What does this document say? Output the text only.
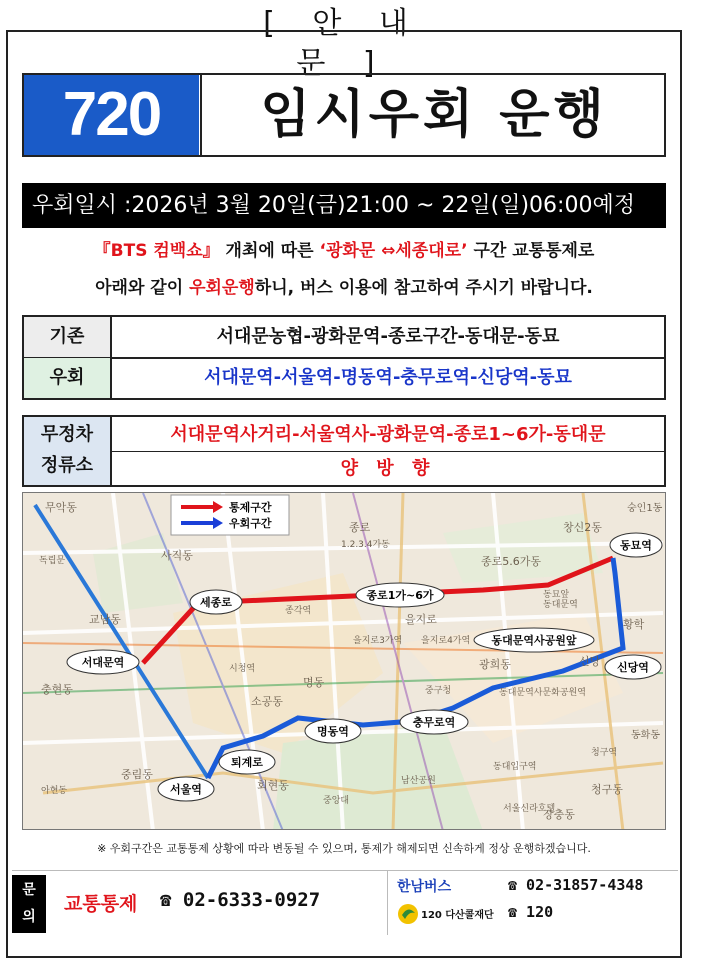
[ 안 내 문 ]
720	임시우회 운행
우회일시 :2026년 3월 20일(금)21:00 ~ 22일(일)06:00예정
『BTS 컴백쇼』 개최에 따른 ‘광화문 ⇔세종대로’ 구간 교통통제로
아래와 같이 우회운행하니, 버스 이용에 참고하여 주시기 바랍니다.
기존	서대문농협-광화문역-종로구간-동대문-동묘
우회	서대문역-서울역-명동역-충무로역-신당역-동묘
무정차
정류소
서대문역사거리-서울역사-광화문역-종로1~6가-동대문
양 방 향
통제구간
우회구간
무악동
사직동
교남동
독립문
창신2동
종로5.6가동
1.2.3.4가동
종로
을지로
광희동
소공동
명동
회현동
중림동
충현동
청구동
황학
신당
아현동
숭인1동
동묘앞
장충동
동화동
시청역
을지로3가역 을지로4가역
종각역
청구역
동대문역
동대문역사문화공원역
동대입구역
남산공원
중구청
중앙대
서울신라호텔
서대문역
세종로
종로1가~6가
동묘역
동대문역사공원앞
신당역
충무로역
명동역
퇴계로
서울역
※ 우회구간은 교통통제 상황에 따라 변동될 수 있으며, 통제가 해제되면 신속하게 정상 운행하겠습니다.
문
의
교통통제 ☎ 02-6333-0927
한남버스	☎ 02-31857-4348
120 다산콜재단 ☎ 120
